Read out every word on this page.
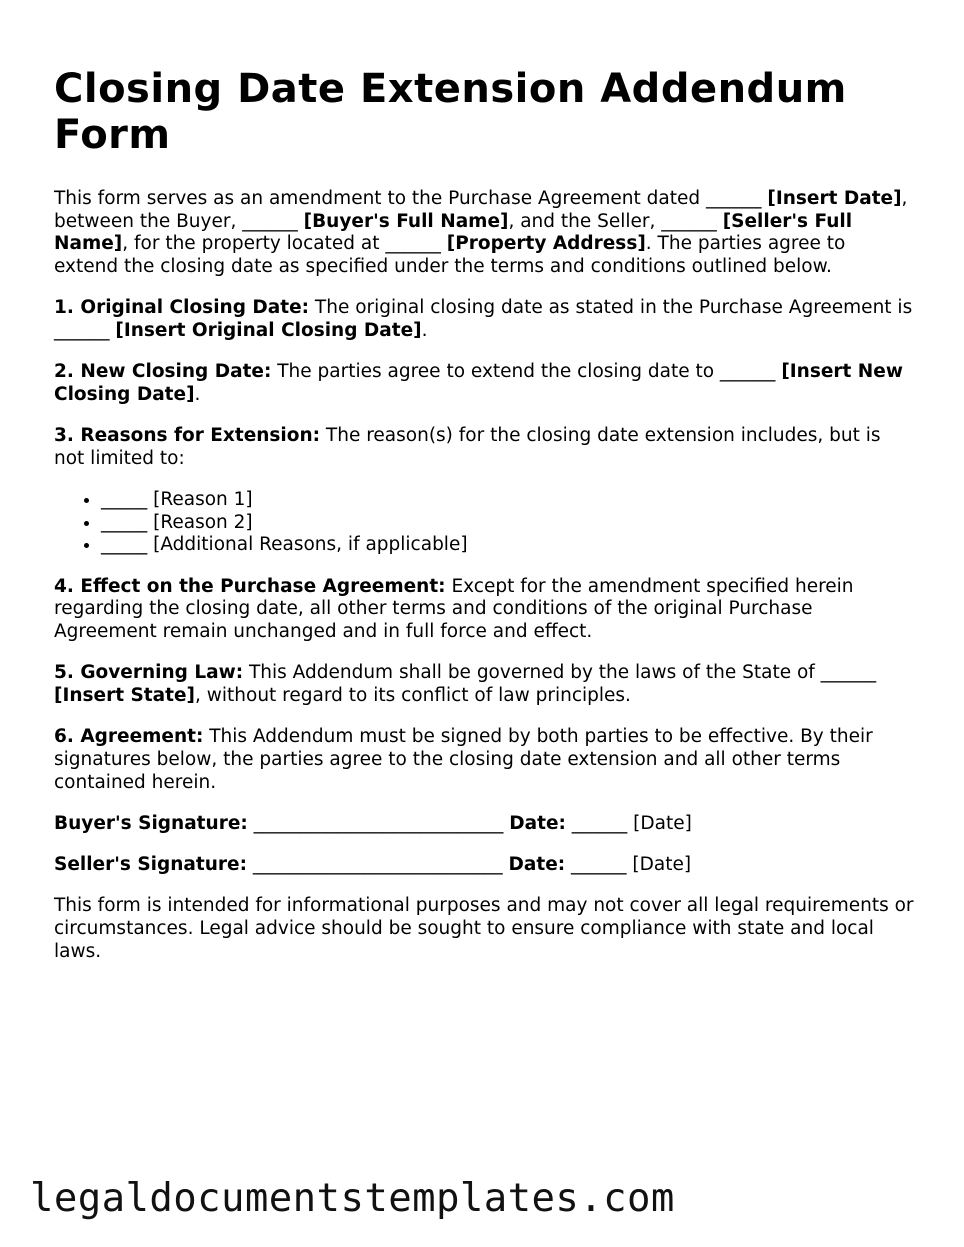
Closing Date Extension Addendum Form

This form serves as an amendment to the Purchase Agreement dated ______ [Insert Date], between the Buyer, ______ [Buyer's Full Name], and the Seller, ______ [Seller's Full Name], for the property located at ______ [Property Address]. The parties agree to extend the closing date as specified under the terms and conditions outlined below.

1. Original Closing Date: The original closing date as stated in the Purchase Agreement is ______ [Insert Original Closing Date].

2. New Closing Date: The parties agree to extend the closing date to ______ [Insert New Closing Date].

3. Reasons for Extension: The reason(s) for the closing date extension includes, but is not limited to:

• _____ [Reason 1]
• _____ [Reason 2]
• _____ [Additional Reasons, if applicable]

4. Effect on the Purchase Agreement: Except for the amendment specified herein regarding the closing date, all other terms and conditions of the original Purchase Agreement remain unchanged and in full force and effect.

5. Governing Law: This Addendum shall be governed by the laws of the State of ______ [Insert State], without regard to its conflict of law principles.

6. Agreement: This Addendum must be signed by both parties to be effective. By their signatures below, the parties agree to the closing date extension and all other terms contained herein.

Buyer's Signature: ___________________________ Date: ______ [Date]
Seller's Signature: ___________________________ Date: ______ [Date]

This form is intended for informational purposes and may not cover all legal requirements or circumstances. Legal advice should be sought to ensure compliance with state and local laws.

legaldocumentstemplates.com
